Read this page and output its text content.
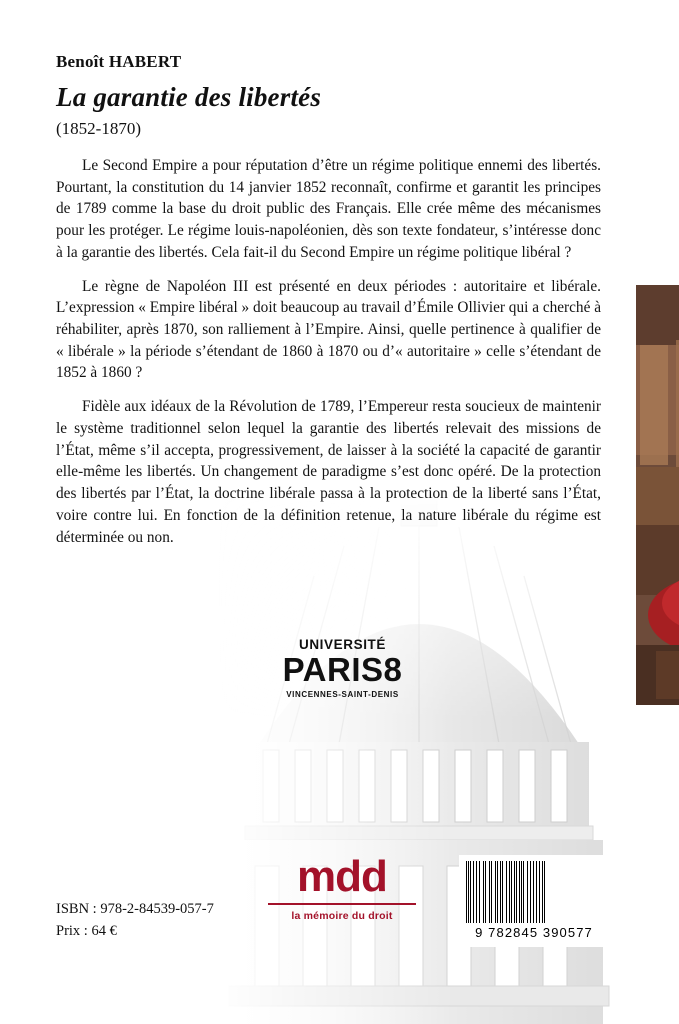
Benoît HABERT
La garantie des libertés
(1852-1870)

Le Second Empire a pour réputation d’être un régime politique ennemi des libertés. Pourtant, la constitution du 14 janvier 1852 reconnaît, confirme et garantit les principes de 1789 comme la base du droit public des Français. Elle crée même des mécanismes pour les protéger. Le régime louis-napoléonien, dès son texte fondateur, s’intéresse donc à la garantie des libertés. Cela fait-il du Second Empire un régime politique libéral ?

Le règne de Napoléon III est présenté en deux périodes : autoritaire et libérale. L’expression « Empire libéral » doit beaucoup au travail d’Émile Ollivier qui a cherché à réhabiliter, après 1870, son ralliement à l’Empire. Ainsi, quelle pertinence à qualifier de « libérale » la période s’étendant de 1860 à 1870 ou d’« autoritaire » celle s’étendant de 1852 à 1860 ?

Fidèle aux idéaux de la Révolution de 1789, l’Empereur resta soucieux de maintenir le système traditionnel selon lequel la garantie des libertés relevait des missions de l’État, même s’il accepta, progressivement, de laisser à la société la capacité de garantir elle-même les libertés. Un changement de paradigme s’est donc opéré. De la protection des libertés par l’État, la doctrine libérale passa à la protection de la liberté sans l’État, voire contre lui. En fonction de la définition retenue, la nature libérale du régime est déterminée ou non.

UNIVERSITÉ
PARIS8
VINCENNES-SAINT-DENIS
mdd
la mémoire du droit
ISBN : 978-2-84539-057-7
Prix : 64 €	9 782845 390577
